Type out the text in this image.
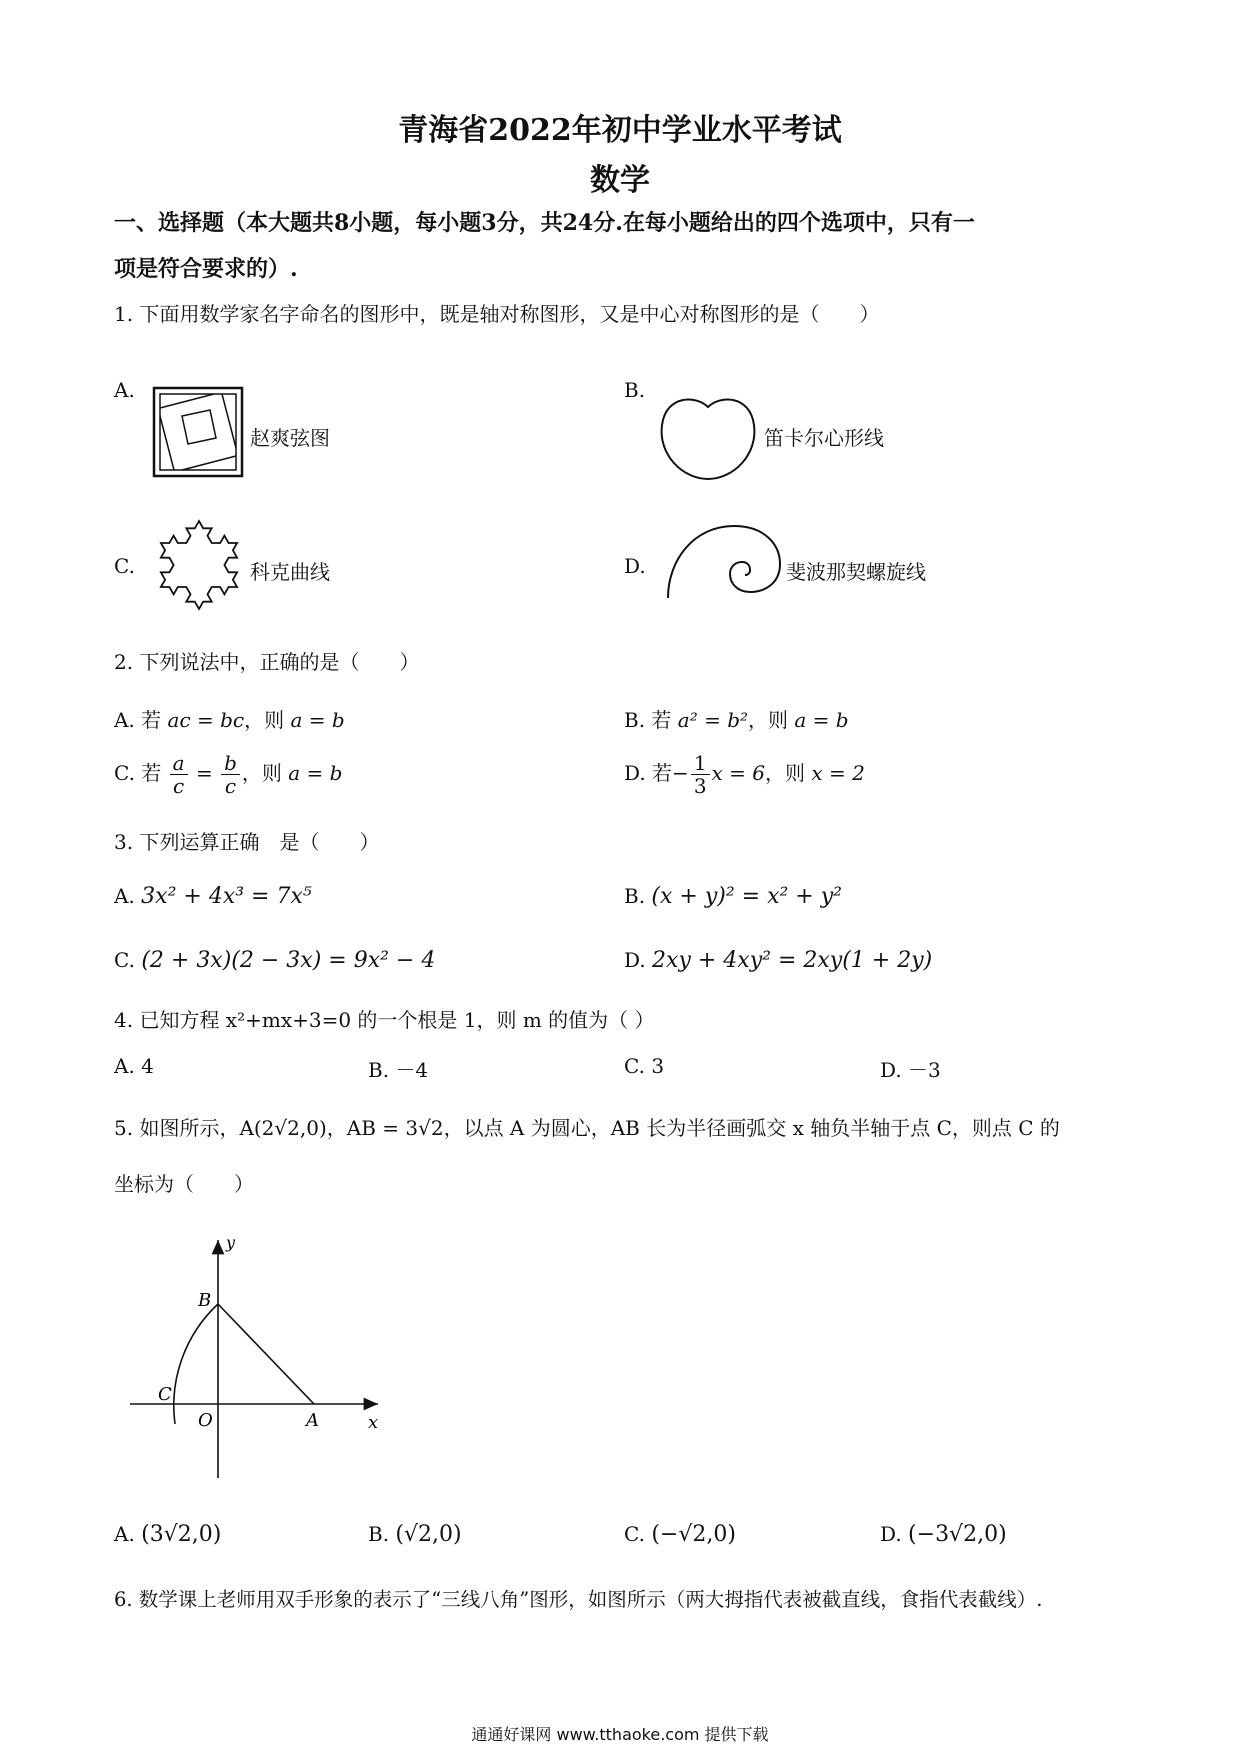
青海省2022年初中学业水平考试
数学
一、选择题（本大题共8小题，每小题3分，共24分.在每小题给出的四个选项中，只有一
项是符合要求的）.
1. 下面用数学家名字命名的图形中，既是轴对称图形，又是中心对称图形的是（　　）
A.
赵爽弦图
B.
笛卡尔心形线
C.	科克曲线	D.	斐波那契螺旋线
2. 下列说法中，正确的是（　　）
A. 若 ac = bc，则 a = b	B. 若 a² = b²，则 a = b
C. 若 $\frac{a}{c} = \frac{b}{c}$ ，则 a = b	D. 若− $\frac{1}{3}$ x = 6，则 x = 2
3. 下列运算正确　是（　　）
A. 3x² + 4x³ = 7x⁵	B. (x + y)² = x² + y²
C. (2 + 3x)(2 − 3x) = 9x² − 4	D. 2xy + 4xy² = 2xy(1 + 2y)
4. 已知方程 x²+mx+3=0 的一个根是 1，则 m 的值为（ ）
A. 4	B. －4	C. 3	D. －3
5. 如图所示，A(2√2,0)，AB = 3√2，以点 A 为圆心，AB 长为半径画弧交 x 轴负半轴于点 C，则点 C 的
坐标为（　　）
y
B
C
O	A	x
A. (3√2,0)	B. (√2,0)	C. (−√2,0)	D. (−3√2,0)
6. 数学课上老师用双手形象的表示了“三线八角”图形，如图所示（两大拇指代表被截直线，食指代表截线）.
通通好课网 www.tthaoke.com 提供下载
